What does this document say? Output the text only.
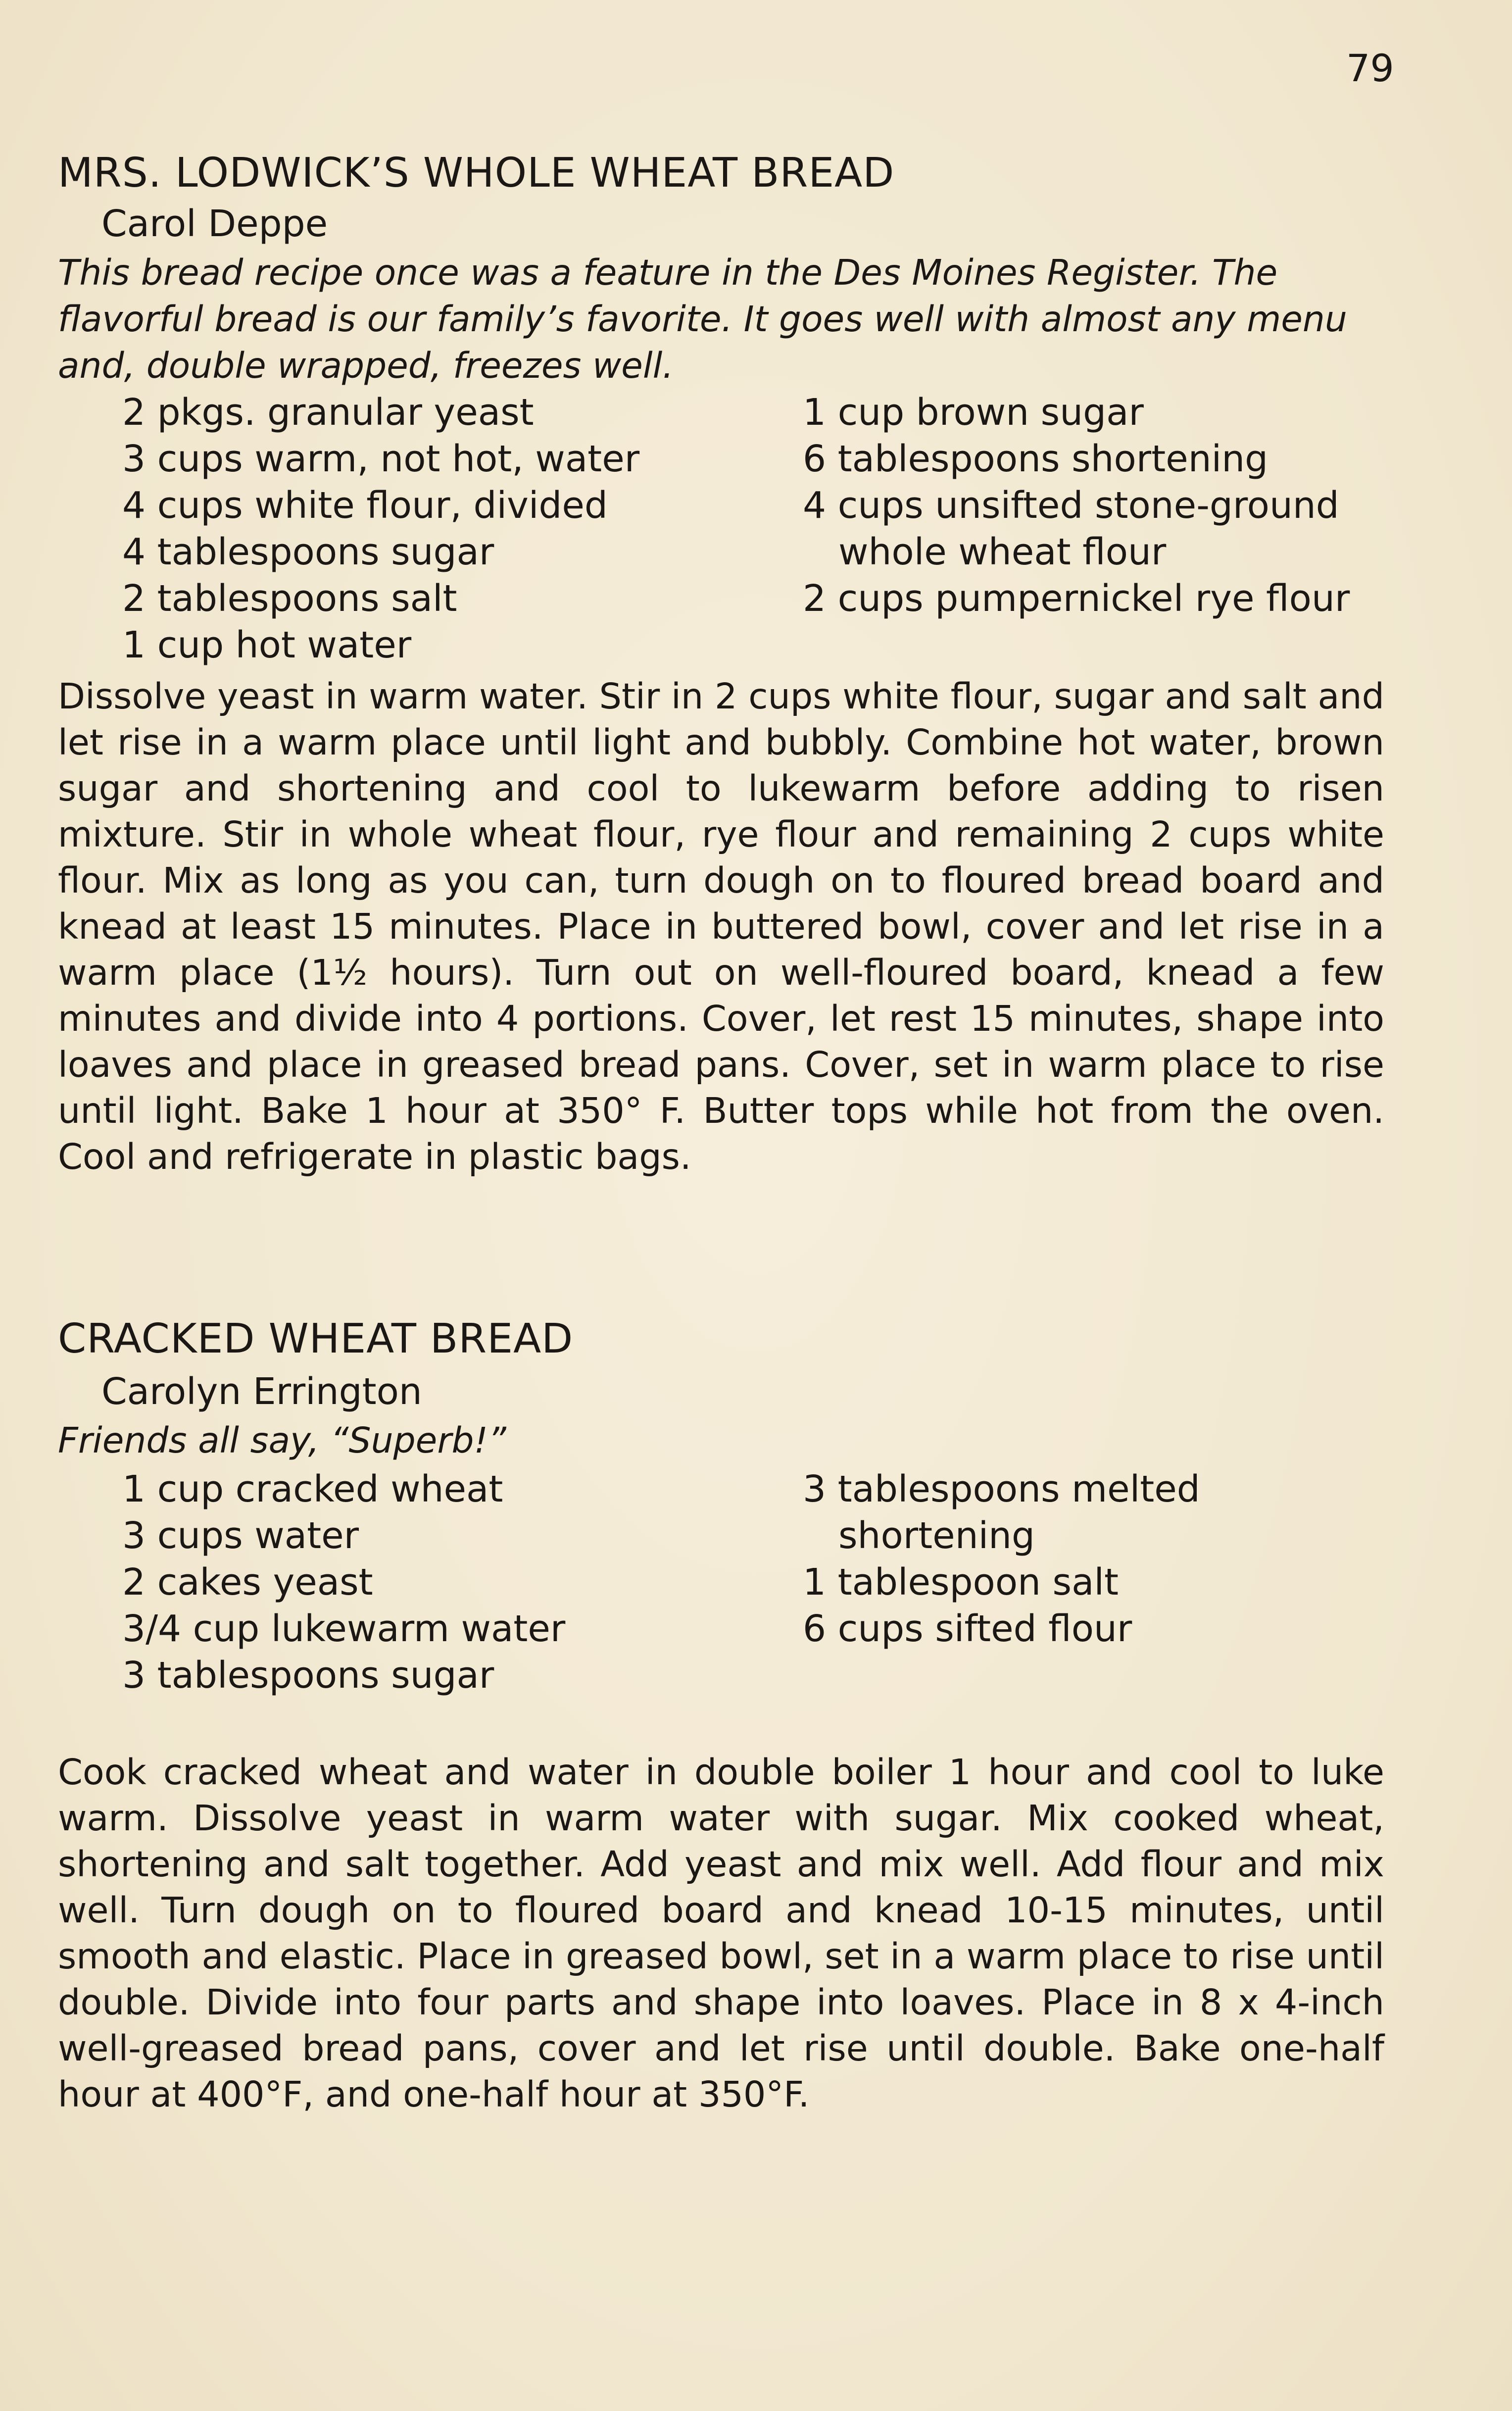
79
MRS. LODWICK’S WHOLE WHEAT BREAD
Carol Deppe
This bread recipe once was a feature in the Des Moines Register. The flavorful bread is our family’s favorite. It goes well with almost any menu and, double wrapped, freezes well.
2 pkgs. granular yeast
3 cups warm, not hot, water
4 cups white flour, divided
4 tablespoons sugar
2 tablespoons salt
1 cup hot water
1 cup brown sugar
6 tablespoons shortening
4 cups unsifted stone-ground whole wheat flour
2 cups pumpernickel rye flour

Dissolve yeast in warm water. Stir in 2 cups white flour, sugar and salt and let rise in a warm place until light and bubbly. Combine hot water, brown sugar and shortening and cool to lukewarm before adding to risen mixture. Stir in whole wheat flour, rye flour and remaining 2 cups white flour. Mix as long as you can, turn dough on to floured bread board and knead at least 15 minutes. Place in buttered bowl, cover and let rise in a warm place (1½ hours). Turn out on well-floured board, knead a few minutes and divide into 4 portions. Cover, let rest 15 minutes, shape into loaves and place in greased bread pans. Cover, set in warm place to rise until light. Bake 1 hour at 350° F. Butter tops while hot from the oven. Cool and refrigerate in plastic bags.

CRACKED WHEAT BREAD
Carolyn Errington
Friends all say, “Superb!”
1 cup cracked wheat
3 cups water
2 cakes yeast
3/4 cup lukewarm water
3 tablespoons sugar
3 tablespoons melted shortening
1 tablespoon salt
6 cups sifted flour

Cook cracked wheat and water in double boiler 1 hour and cool to luke warm. Dissolve yeast in warm water with sugar. Mix cooked wheat, shortening and salt together. Add yeast and mix well. Add flour and mix well. Turn dough on to floured board and knead 10-15 minutes, until smooth and elastic. Place in greased bowl, set in a warm place to rise until double. Divide into four parts and shape into loaves. Place in 8 x 4-inch well-greased bread pans, cover and let rise until double. Bake one-half hour at 400°F, and one-half hour at 350°F.
